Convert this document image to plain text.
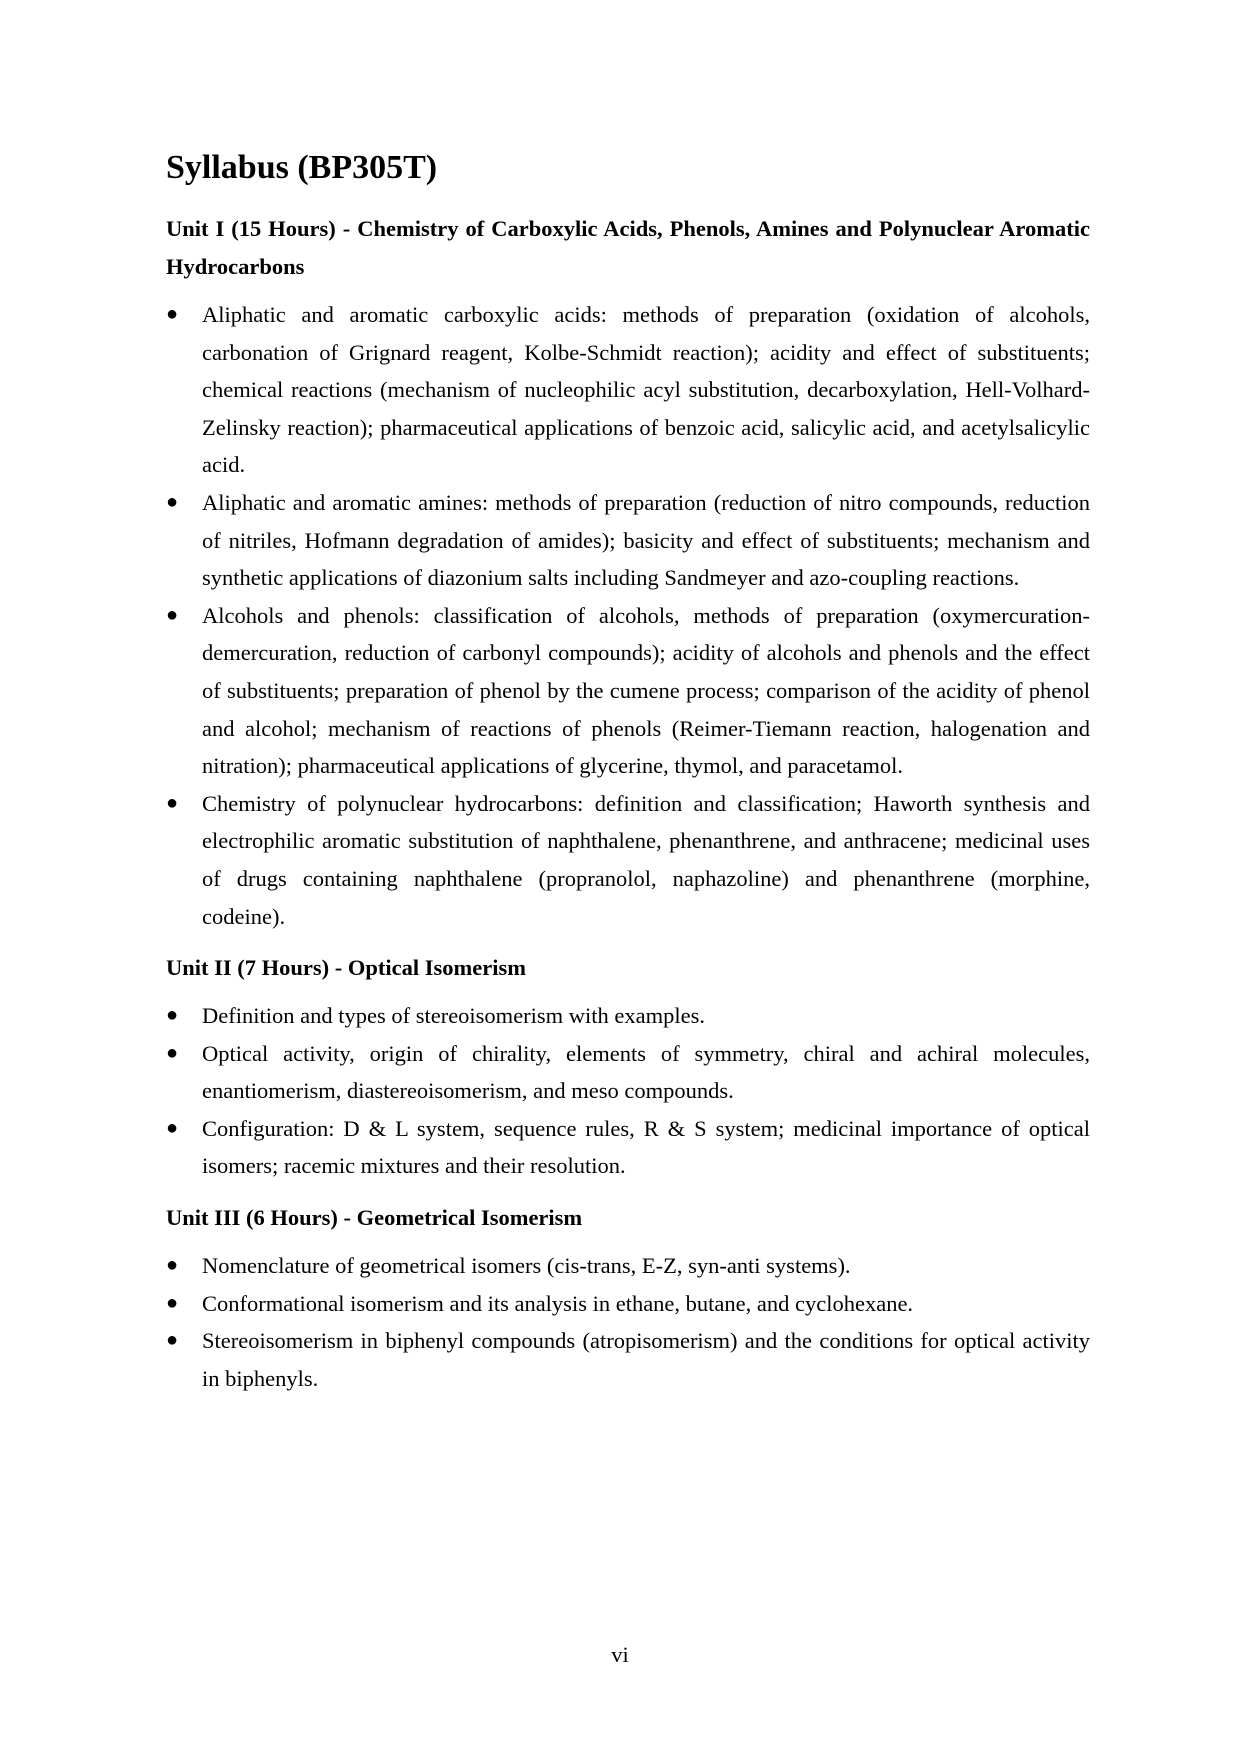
Syllabus (BP305T)
Unit I (15 Hours) - Chemistry of Carboxylic Acids, Phenols, Amines and Polynuclear Aromatic Hydrocarbons
●	Aliphatic and aromatic carboxylic acids: methods of preparation (oxidation of alcohols, carbonation of Grignard reagent, Kolbe-Schmidt reaction); acidity and effect of substituents; chemical reactions (mechanism of nucleophilic acyl substitution, decarboxylation, Hell-Volhard-Zelinsky reaction); pharmaceutical applications of benzoic acid, salicylic acid, and acetylsalicylic acid.
●	Aliphatic and aromatic amines: methods of preparation (reduction of nitro compounds, reduction of nitriles, Hofmann degradation of amides); basicity and effect of substituents; mechanism and synthetic applications of diazonium salts including Sandmeyer and azo-coupling reactions.
●	Alcohols and phenols: classification of alcohols, methods of preparation (oxymercuration-demercuration, reduction of carbonyl compounds); acidity of alcohols and phenols and the effect of substituents; preparation of phenol by the cumene process; comparison of the acidity of phenol and alcohol; mechanism of reactions of phenols (Reimer-Tiemann reaction, halogenation and nitration); pharmaceutical applications of glycerine, thymol, and paracetamol.
●	Chemistry of polynuclear hydrocarbons: definition and classification; Haworth synthesis and electrophilic aromatic substitution of naphthalene, phenanthrene, and anthracene; medicinal uses of drugs containing naphthalene (propranolol, naphazoline) and phenanthrene (morphine, codeine).
Unit II (7 Hours) - Optical Isomerism
●	Definition and types of stereoisomerism with examples.
●	Optical activity, origin of chirality, elements of symmetry, chiral and achiral molecules, enantiomerism, diastereoisomerism, and meso compounds.
●	Configuration: D & L system, sequence rules, R & S system; medicinal importance of optical isomers; racemic mixtures and their resolution.
Unit III (6 Hours) - Geometrical Isomerism
●	Nomenclature of geometrical isomers (cis-trans, E-Z, syn-anti systems).
●	Conformational isomerism and its analysis in ethane, butane, and cyclohexane.
●	Stereoisomerism in biphenyl compounds (atropisomerism) and the conditions for optical activity in biphenyls.
vi
